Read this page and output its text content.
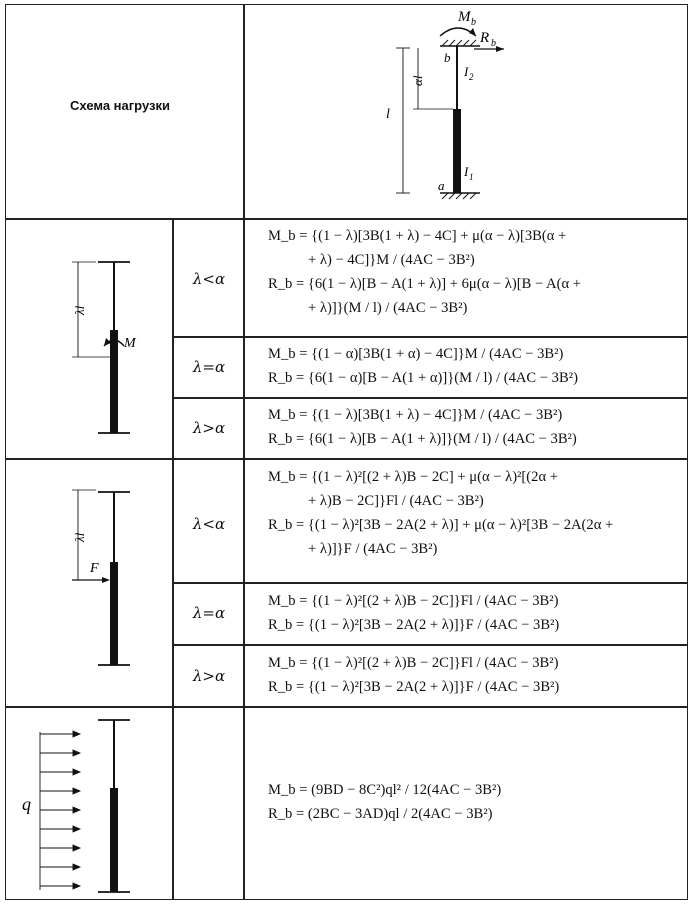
Схема нагрузки
M b
R b
b
a
I 2
I 1
l
αl
λl
M
λ<α
M_b = {(1 − λ)[3B(1 + λ) − 4C] + μ(α − λ)[3B(α +
+ λ) − 4C]}M / (4AC − 3B²)
R_b = {6(1 − λ)[B − A(1 + λ)] + 6μ(α − λ)[B − A(α +
+ λ)]}(M / l) / (4AC − 3B²)
λ=α
M_b = {(1 − α)[3B(1 + α) − 4C]}M / (4AC − 3B²)
R_b = {6(1 − α)[B − A(1 + α)]}(M / l) / (4AC − 3B²)
λ>α
M_b = {(1 − λ)[3B(1 + λ) − 4C]}M / (4AC − 3B²)
R_b = {6(1 − λ)[B − A(1 + λ)]}(M / l) / (4AC − 3B²)
λl
F
λ<α
M_b = {(1 − λ)²[(2 + λ)B − 2C] + μ(α − λ)²[(2α +
+ λ)B − 2C]}Fl / (4AC − 3B²)
R_b = {(1 − λ)²[3B − 2A(2 + λ)] + μ(α − λ)²[3B − 2A(2α +
+ λ)]}F / (4AC − 3B²)
λ=α
M_b = {(1 − λ)²[(2 + λ)B − 2C]}Fl / (4AC − 3B²)
R_b = {(1 − λ)²[3B − 2A(2 + λ)]}F / (4AC − 3B²)
λ>α
M_b = {(1 − λ)²[(2 + λ)B − 2C]}Fl / (4AC − 3B²)
R_b = {(1 − λ)²[3B − 2A(2 + λ)]}F / (4AC − 3B²)
q
M_b = (9BD − 8C²)ql² / 12(4AC − 3B²)
R_b = (2BC − 3AD)ql / 2(4AC − 3B²)
